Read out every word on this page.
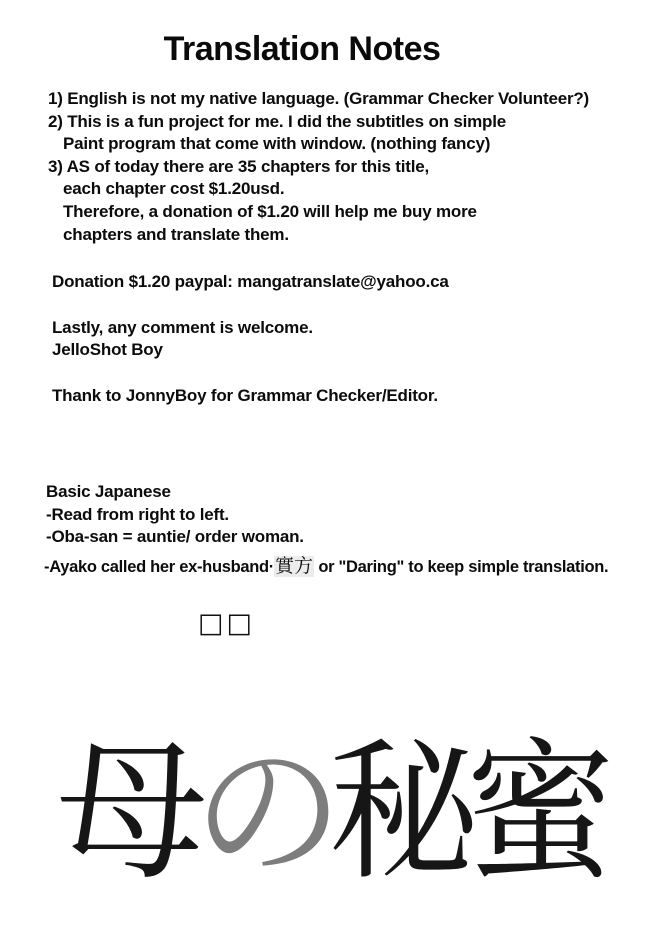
Translation Notes
1) English is not my native language. (Grammar Checker Volunteer?)
2) This is a fun project for me. I did the subtitles on simple
Paint program that come with window. (nothing fancy)
3) AS of today there are 35 chapters for this title,
each chapter cost $1.20usd.
Therefore, a donation of $1.20 will help me buy more
chapters and translate them.
Donation $1.20 paypal: mangatranslate@yahoo.ca
Lastly, any comment is welcome.
JelloShot Boy
Thank to JonnyBoy for Grammar Checker/Editor.
Basic Japanese
-Read from right to left.
-Oba-san = auntie/ order woman.
-Ayako called her ex-husband·實方 or "Daring" to keep simple translation.
□□
母の秘蜜
